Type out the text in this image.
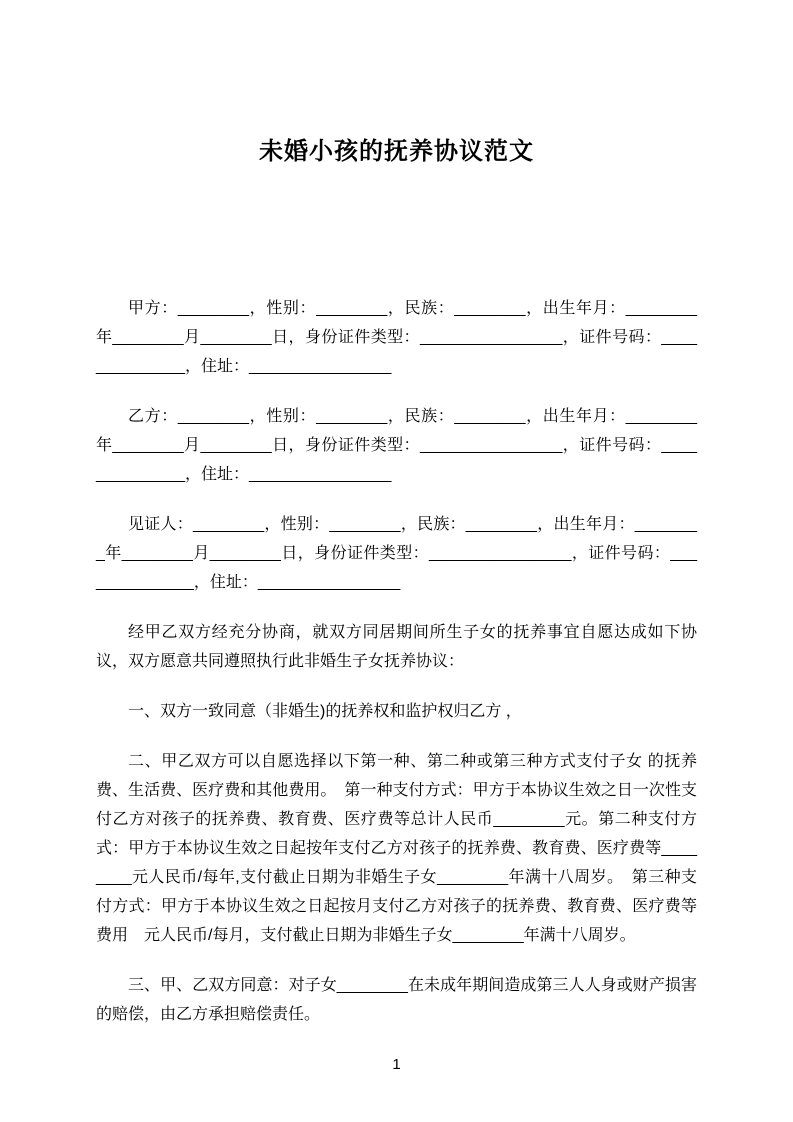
未婚小孩的抚养协议范文

甲方：________，性别：________，民族：________，出生年月：________年________月________日，身份证件类型：________________，证件号码：______________，住址：________________

乙方：________，性别：________，民族：________，出生年月：________年________月________日，身份证件类型：________________，证件号码：______________，住址：________________

见证人：________，性别：________，民族：________，出生年月：________年________月________日，身份证件类型：________________，证件号码：______________，住址：________________

经甲乙双方经充分协商，就双方同居期间所生子女的抚养事宜自愿达成如下协议，双方愿意共同遵照执行此非婚生子女抚养协议：

一、双方一致同意（非婚生)的抚养权和监护权归乙方 ，

二、甲乙双方可以自愿选择以下第一种、第二种或第三种方式支付子女 的抚养费、生活费、医疗费和其他费用。　第一种支付方式：甲方于本协议生效之日一次性支付乙方对孩子的抚养费、教育费、医疗费等总计人民币________元。第二种支付方式：甲方于本协议生效之日起按年支付乙方对孩子的抚养费、教育费、医疗费等________元人民币/每年,支付截止日期为非婚生子女________年满十八周岁。　第三种支付方式：甲方于本协议生效之日起按月支付乙方对孩子的抚养费、教育费、医疗费等费用　元人民币/每月，支付截止日期为非婚生子女________年满十八周岁。

三、甲、乙双方同意：对子女________在未成年期间造成第三人人身或财产损害的赔偿，由乙方承担赔偿责任。

1
